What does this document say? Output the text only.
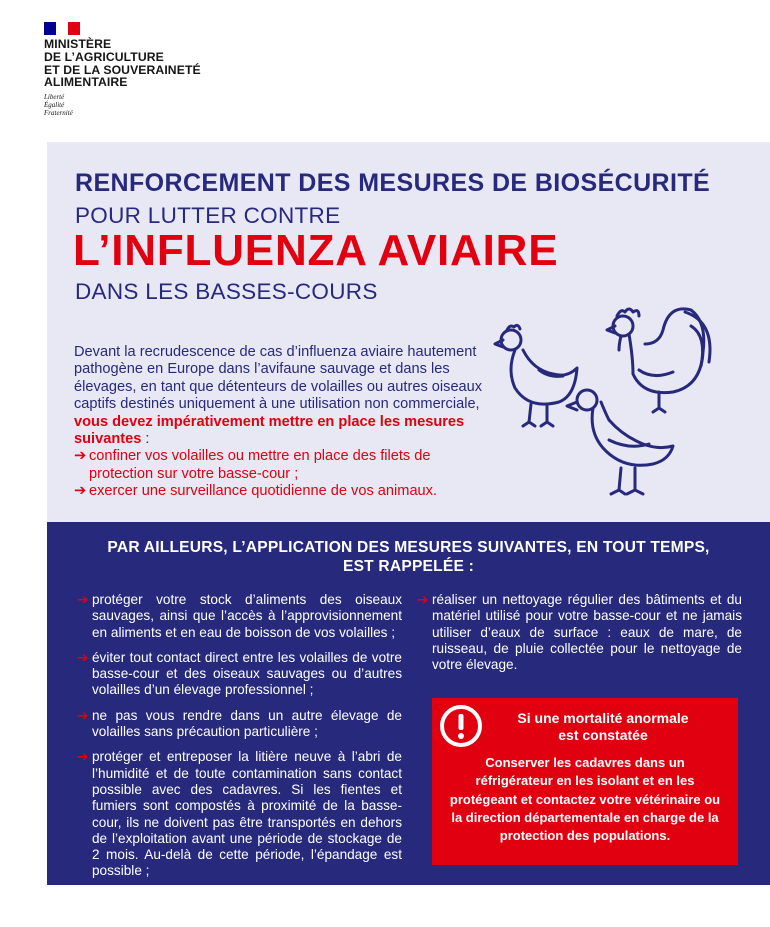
MINISTÈRE

DE L’AGRICULTURE

ET DE LA SOUVERAINETÉ

ALIMENTAIRE

Liberté
Égalité
Fraternité
RENFORCEMENT DES MESURES DE BIOSÉCURITÉ
POUR LUTTER CONTRE
L’INFLUENZA AVIAIRE
DANS LES BASSES-COURS

Devant la recrudescence de cas d’influenza aviaire hautement pathogène en Europe dans l’avifaune sauvage et dans les élevages, en tant que détenteurs de volailles ou autres oiseaux captifs destinés uniquement à une utilisation non commerciale, vous devez impérativement mettre en place les mesures suivantes :

➔ confiner vos volailles ou mettre en place des filets de protection sur votre basse-cour ;

➔ exercer une surveillance quotidienne de vos animaux.

PAR AILLEURS, L’APPLICATION DES MESURES SUIVANTES, EN TOUT TEMPS,
EST RAPPELÉE :
➔ protéger votre stock d’aliments des oiseaux sauvages, ainsi que l’accès à l’approvisionnement en aliments et en eau de boisson de vos volailles ;
➔ éviter tout contact direct entre les volailles de votre basse-cour et des oiseaux sauvages ou d’autres volailles d’un élevage professionnel ;
➔ ne pas vous rendre dans un autre élevage de volailles sans précaution particulière ;
➔ protéger et entreposer la litière neuve à l’abri de l’humidité et de toute contamination sans contact possible avec des cadavres. Si les fientes et fumiers sont compostés à proximité de la basse-cour, ils ne doivent pas être transportés en dehors de l’exploitation avant une période de stockage de 2 mois. Au-delà de cette période, l’épandage est possible ;
➔ réaliser un nettoyage régulier des bâtiments et du matériel utilisé pour votre basse-cour et ne jamais utiliser d’eaux de surface : eaux de mare, de ruisseau, de pluie collectée pour le nettoyage de votre élevage.
Si une mortalité anormale
est constatée
Conserver les cadavres dans un réfrigérateur en les isolant et en les protégeant et contactez votre vétérinaire ou la direction départementale en charge de la protection des populations.
